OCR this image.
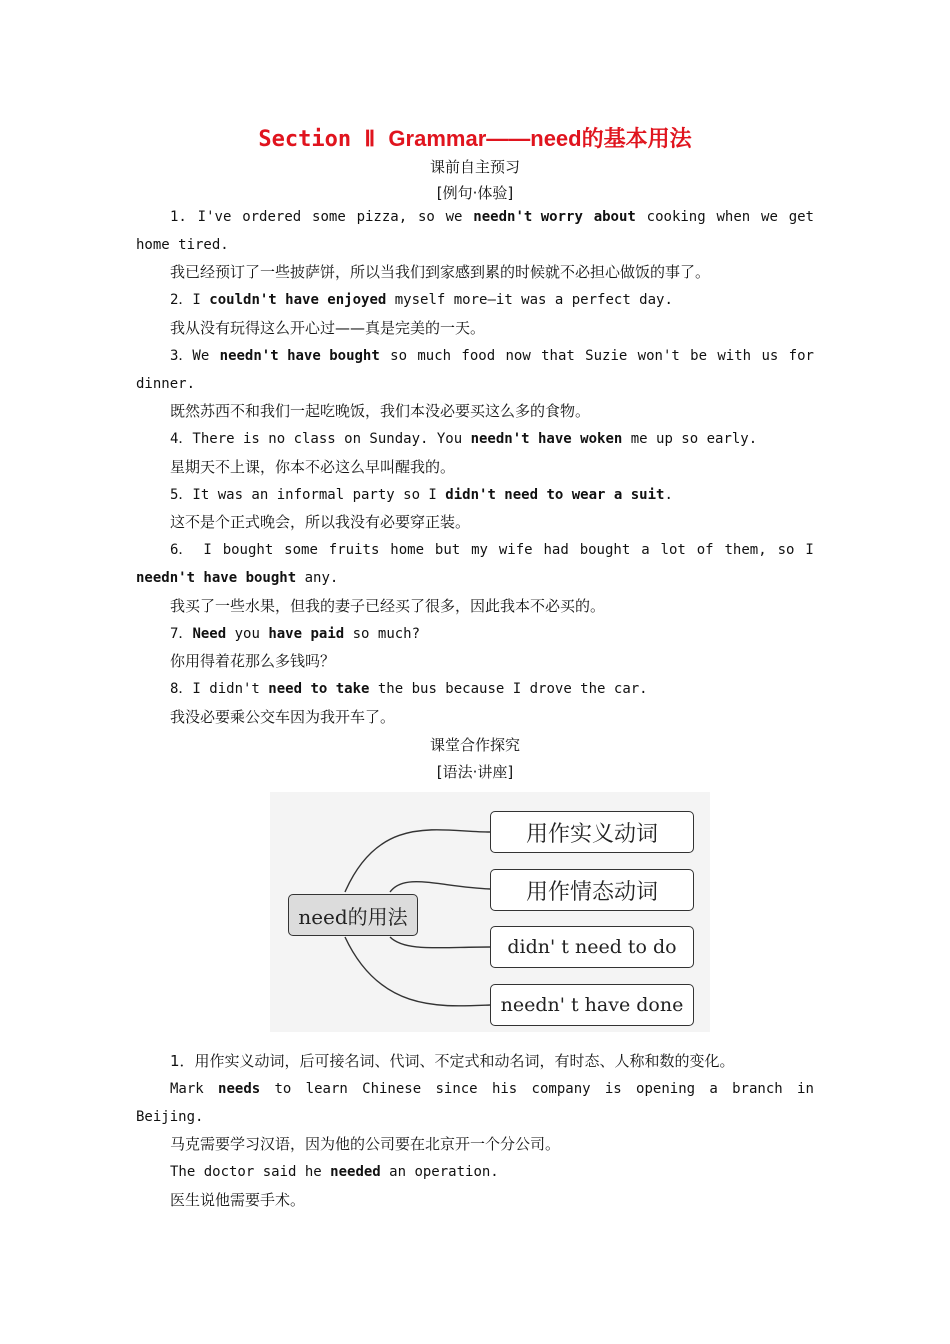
Section Ⅱ Grammar——need的基本用法
课前自主预习
[例句·体验]
1. I've ordered some pizza, so we needn't worry about cooking when we get
home tired.
我已经预订了一些披萨饼，所以当我们到家感到累的时候就不必担心做饭的事了。
2．I couldn't have enjoyed myself more—it was a perfect day.
我从没有玩得这么开心过——真是完美的一天。
3．We needn't have bought so much food now that Suzie won't be with us for
dinner.
既然苏西不和我们一起吃晚饭，我们本没必要买这么多的食物。
4．There is no class on Sunday. You needn't have woken me up so early.
星期天不上课，你本不必这么早叫醒我的。
5．It was an informal party so I didn't need to wear a suit.
这不是个正式晚会，所以我没有必要穿正装。
6． I bought some fruits home but my wife had bought a lot of them, so I
needn't have bought any.
我买了一些水果，但我的妻子已经买了很多，因此我本不必买的。
7．Need you have paid so much?
你用得着花那么多钱吗？
8．I didn't need to take the bus because I drove the car.
我没必要乘公交车因为我开车了。
课堂合作探究
[语法·讲座]
need的用法
用作实义动词
用作情态动词
didn' t need to do
needn' t have done
1．用作实义动词，后可接名词、代词、不定式和动名词，有时态、人称和数的变化。
Mark needs to learn Chinese since his company is opening a branch in
Beijing.
马克需要学习汉语，因为他的公司要在北京开一个分公司。
The doctor said he needed an operation.
医生说他需要手术。
